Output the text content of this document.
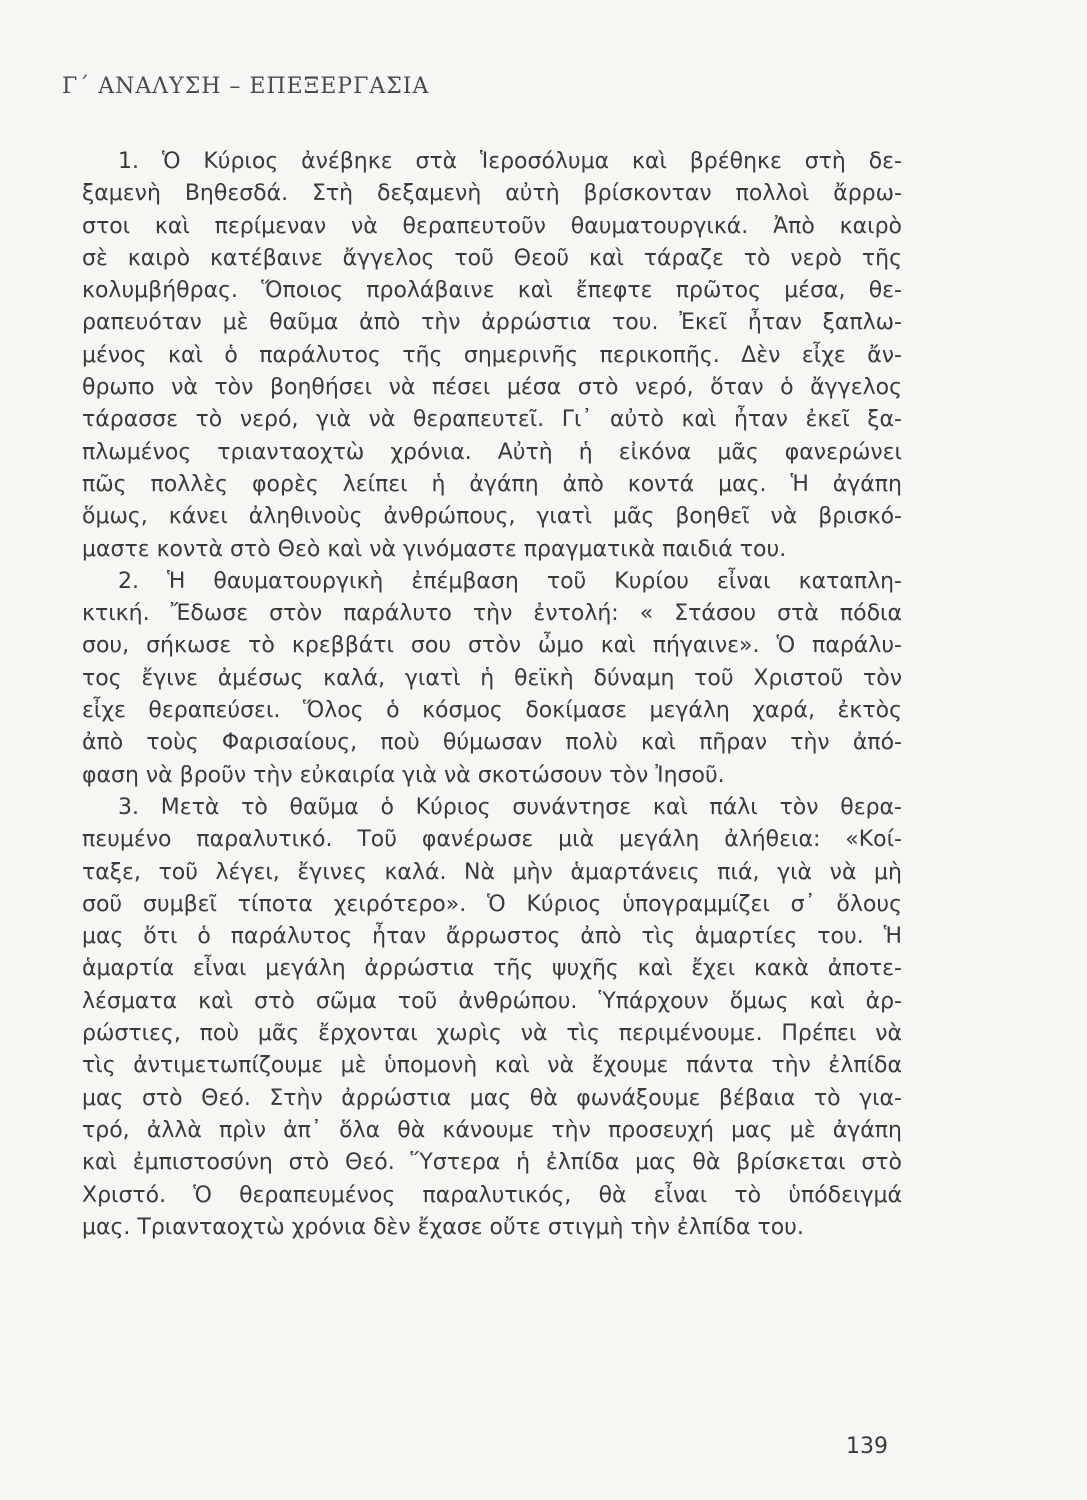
Γ΄ ΑΝΑΛΥΣΗ – ΕΠΕΞΕΡΓΑΣΙΑ
1. Ὁ Κύριος ἀνέβηκε στὰ Ἱεροσόλυμα καὶ βρέθηκε στὴ δε-
ξαμενὴ Βηθεσδά. Στὴ δεξαμενὴ αὐτὴ βρίσκονταν πολλοὶ ἄρρω-
στοι καὶ περίμεναν νὰ θεραπευτοῦν θαυματουργικά. Ἀπὸ καιρὸ
σὲ καιρὸ κατέβαινε ἄγγελος τοῦ Θεοῦ καὶ τάραζε τὸ νερὸ τῆς
κολυμβήθρας. Ὅποιος προλάβαινε καὶ ἔπεφτε πρῶτος μέσα, θε-
ραπευόταν μὲ θαῦμα ἀπὸ τὴν ἀρρώστια του. Ἐκεῖ ἦταν ξαπλω-
μένος καὶ ὁ παράλυτος τῆς σημερινῆς περικοπῆς. Δὲν εἶχε ἄν-
θρωπο νὰ τὸν βοηθήσει νὰ πέσει μέσα στὸ νερό, ὅταν ὁ ἄγγελος
τάρασσε τὸ νερό, γιὰ νὰ θεραπευτεῖ. Γι᾿ αὐτὸ καὶ ἦταν ἐκεῖ ξα-
πλωμένος τριανταοχτὼ χρόνια. Αὐτὴ ἡ εἰκόνα μᾶς φανερώνει
πῶς πολλὲς φορὲς λείπει ἡ ἀγάπη ἀπὸ κοντά μας. Ἡ ἀγάπη
ὅμως, κάνει ἀληθινοὺς ἀνθρώπους, γιατὶ μᾶς βοηθεῖ νὰ βρισκό-
μαστε κοντὰ στὸ Θεὸ καὶ νὰ γινόμαστε πραγματικὰ παιδιά του.
2. Ἡ θαυματουργικὴ ἐπέμβαση τοῦ Κυρίου εἶναι καταπλη-
κτική. Ἔδωσε στὸν παράλυτο τὴν ἐντολή: « Στάσου στὰ πόδια
σου, σήκωσε τὸ κρεββάτι σου στὸν ὦμο καὶ πήγαινε». Ὁ παράλυ-
τος ἔγινε ἀμέσως καλά, γιατὶ ἡ θεϊκὴ δύναμη τοῦ Χριστοῦ τὸν
εἶχε θεραπεύσει. Ὅλος ὁ κόσμος δοκίμασε μεγάλη χαρά, ἐκτὸς
ἀπὸ τοὺς Φαρισαίους, ποὺ θύμωσαν πολὺ καὶ πῆραν τὴν ἀπό-
φαση νὰ βροῦν τὴν εὐκαιρία γιὰ νὰ σκοτώσουν τὸν Ἰησοῦ.
3. Μετὰ τὸ θαῦμα ὁ Κύριος συνάντησε καὶ πάλι τὸν θερα-
πευμένο παραλυτικό. Τοῦ φανέρωσε μιὰ μεγάλη ἀλήθεια: «Κοί-
ταξε, τοῦ λέγει, ἔγινες καλά. Νὰ μὴν ἁμαρτάνεις πιά, γιὰ νὰ μὴ
σοῦ συμβεῖ τίποτα χειρότερο». Ὁ Κύριος ὑπογραμμίζει σ᾿ ὅλους
μας ὅτι ὁ παράλυτος ἦταν ἄρρωστος ἀπὸ τὶς ἁμαρτίες του. Ἡ
ἁμαρτία εἶναι μεγάλη ἀρρώστια τῆς ψυχῆς καὶ ἔχει κακὰ ἀποτε-
λέσματα καὶ στὸ σῶμα τοῦ ἀνθρώπου. Ὑπάρχουν ὅμως καὶ ἀρ-
ρώστιες, ποὺ μᾶς ἔρχονται χωρὶς νὰ τὶς περιμένουμε. Πρέπει νὰ
τὶς ἀντιμετωπίζουμε μὲ ὑπομονὴ καὶ νὰ ἔχουμε πάντα τὴν ἐλπίδα
μας στὸ Θεό. Στὴν ἀρρώστια μας θὰ φωνάξουμε βέβαια τὸ για-
τρό, ἀλλὰ πρὶν ἀπ᾿ ὅλα θὰ κάνουμε τὴν προσευχή μας μὲ ἀγάπη
καὶ ἐμπιστοσύνη στὸ Θεό. Ὕστερα ἡ ἐλπίδα μας θὰ βρίσκεται στὸ
Χριστό. Ὁ θεραπευμένος παραλυτικός, θὰ εἶναι τὸ ὑπόδειγμά
μας. Τριανταοχτὼ χρόνια δὲν ἔχασε οὔτε στιγμὴ τὴν ἐλπίδα του.
139
